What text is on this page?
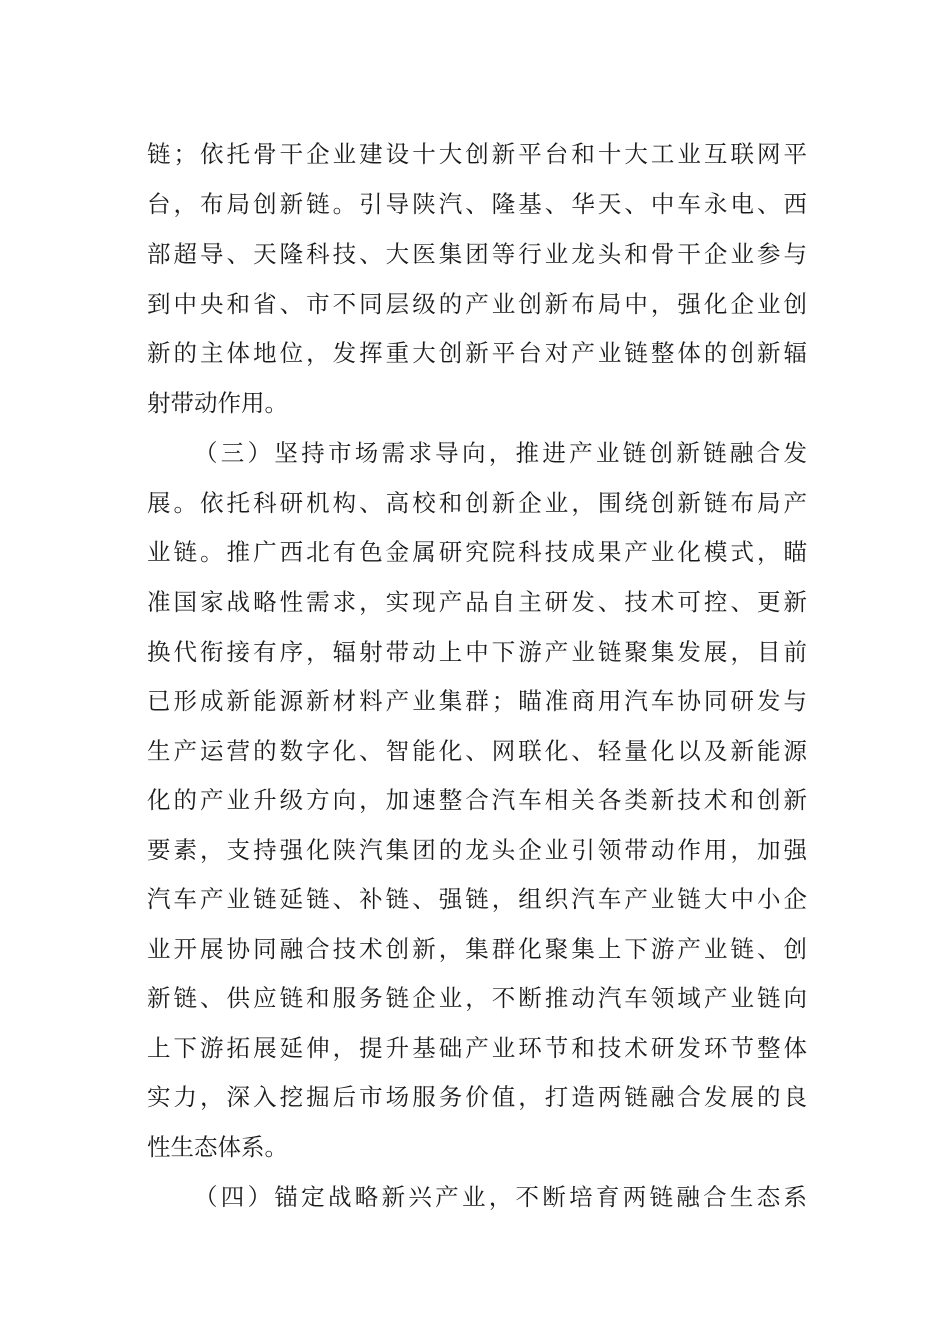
链；依托骨干企业建设十大创新平台和十大工业互联网平
台，布局创新链。引导陕汽、隆基、华天、中车永电、西
部超导、天隆科技、大医集团等行业龙头和骨干企业参与
到中央和省、市不同层级的产业创新布局中，强化企业创
新的主体地位，发挥重大创新平台对产业链整体的创新辐
射带动作用。
（三）坚持市场需求导向，推进产业链创新链融合发
展。依托科研机构、高校和创新企业，围绕创新链布局产
业链。推广西北有色金属研究院科技成果产业化模式，瞄
准国家战略性需求，实现产品自主研发、技术可控、更新
换代衔接有序，辐射带动上中下游产业链聚集发展，目前
已形成新能源新材料产业集群；瞄准商用汽车协同研发与
生产运营的数字化、智能化、网联化、轻量化以及新能源
化的产业升级方向，加速整合汽车相关各类新技术和创新
要素，支持强化陕汽集团的龙头企业引领带动作用，加强
汽车产业链延链、补链、强链，组织汽车产业链大中小企
业开展协同融合技术创新，集群化聚集上下游产业链、创
新链、供应链和服务链企业，不断推动汽车领域产业链向
上下游拓展延伸，提升基础产业环节和技术研发环节整体
实力，深入挖掘后市场服务价值，打造两链融合发展的良
性生态体系。
（四）锚定战略新兴产业，不断培育两链融合生态系
